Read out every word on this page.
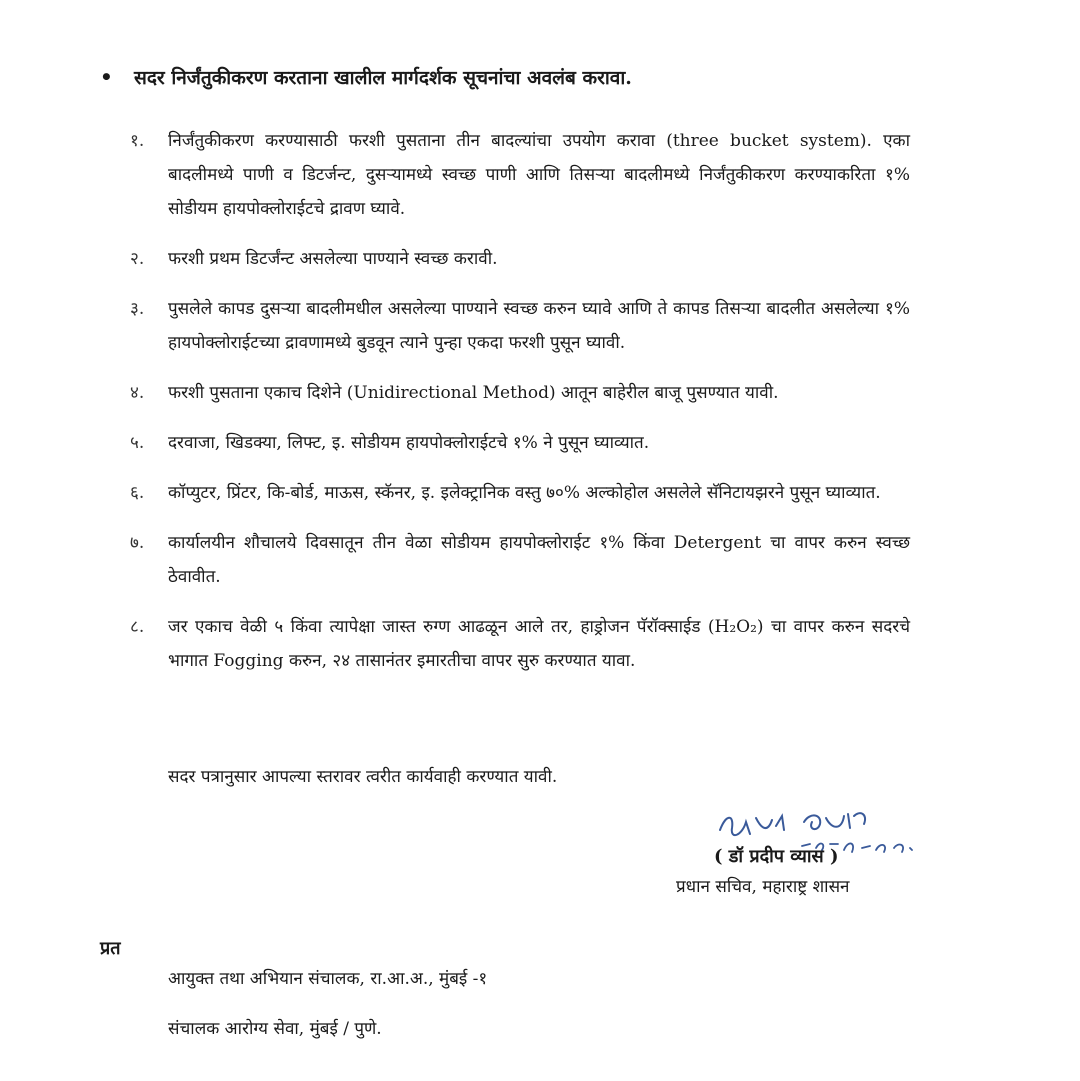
•	सदर निर्जंतुकीकरण करताना खालील मार्गदर्शक सूचनांचा अवलंब करावा.
१.	निर्जंतुकीकरण करण्यासाठी फरशी पुसताना तीन बादल्यांचा उपयोग करावा (three bucket system). एका बादलीमध्ये पाणी व डिटर्जन्ट, दुसऱ्यामध्ये स्वच्छ पाणी आणि तिसऱ्या बादलीमध्ये निर्जंतुकीकरण करण्याकरिता १% सोडीयम हायपोक्लोराईटचे द्रावण घ्यावे.
२.	फरशी प्रथम डिटर्जंन्ट असलेल्या पाण्याने स्वच्छ करावी.
३.	पुसलेले कापड दुसऱ्या बादलीमधील असलेल्या पाण्याने स्वच्छ करुन घ्यावे आणि ते कापड तिसऱ्या बादलीत असलेल्या १% हायपोक्लोराईटच्या द्रावणामध्ये बुडवून त्याने पुन्हा एकदा फरशी पुसून घ्यावी.
४.	फरशी पुसताना एकाच दिशेने (Unidirectional Method) आतून बाहेरील बाजू पुसण्यात यावी.
५.	दरवाजा, खिडक्या, लिफ्ट, इ. सोडीयम हायपोक्लोराईटचे १% ने पुसून घ्याव्यात.
६.	कॉप्युटर, प्रिंटर, कि-बोर्ड, माऊस, स्कॅनर, इ. इलेक्ट्रानिक वस्तु ७०% अल्कोहोल असलेले सॅनिटायझरने पुसून घ्याव्यात.
७.	कार्यालयीन शौचालये दिवसातून तीन वेळा सोडीयम हायपोक्लोराईट १% किंवा Detergent चा वापर करुन स्वच्छ ठेवावीत.
८.	जर एकाच वेळी ५ किंवा त्यापेक्षा जास्त रुग्ण आढळून आले तर, हाड्रोजन पॅरॉक्साईड (H₂O₂) चा वापर करुन सदरचे भागात Fogging करुन, २४ तासानंतर इमारतीचा वापर सुरु करण्यात यावा.
सदर पत्रानुसार आपल्या स्तरावर त्वरीत कार्यवाही करण्यात यावी.
( डॉ प्रदीप व्यास )
प्रधान सचिव, महाराष्ट्र शासन
प्रत
आयुक्त तथा अभियान संचालक, रा.आ.अ., मुंबई -१
संचालक आरोग्य सेवा, मुंबई / पुणे.
